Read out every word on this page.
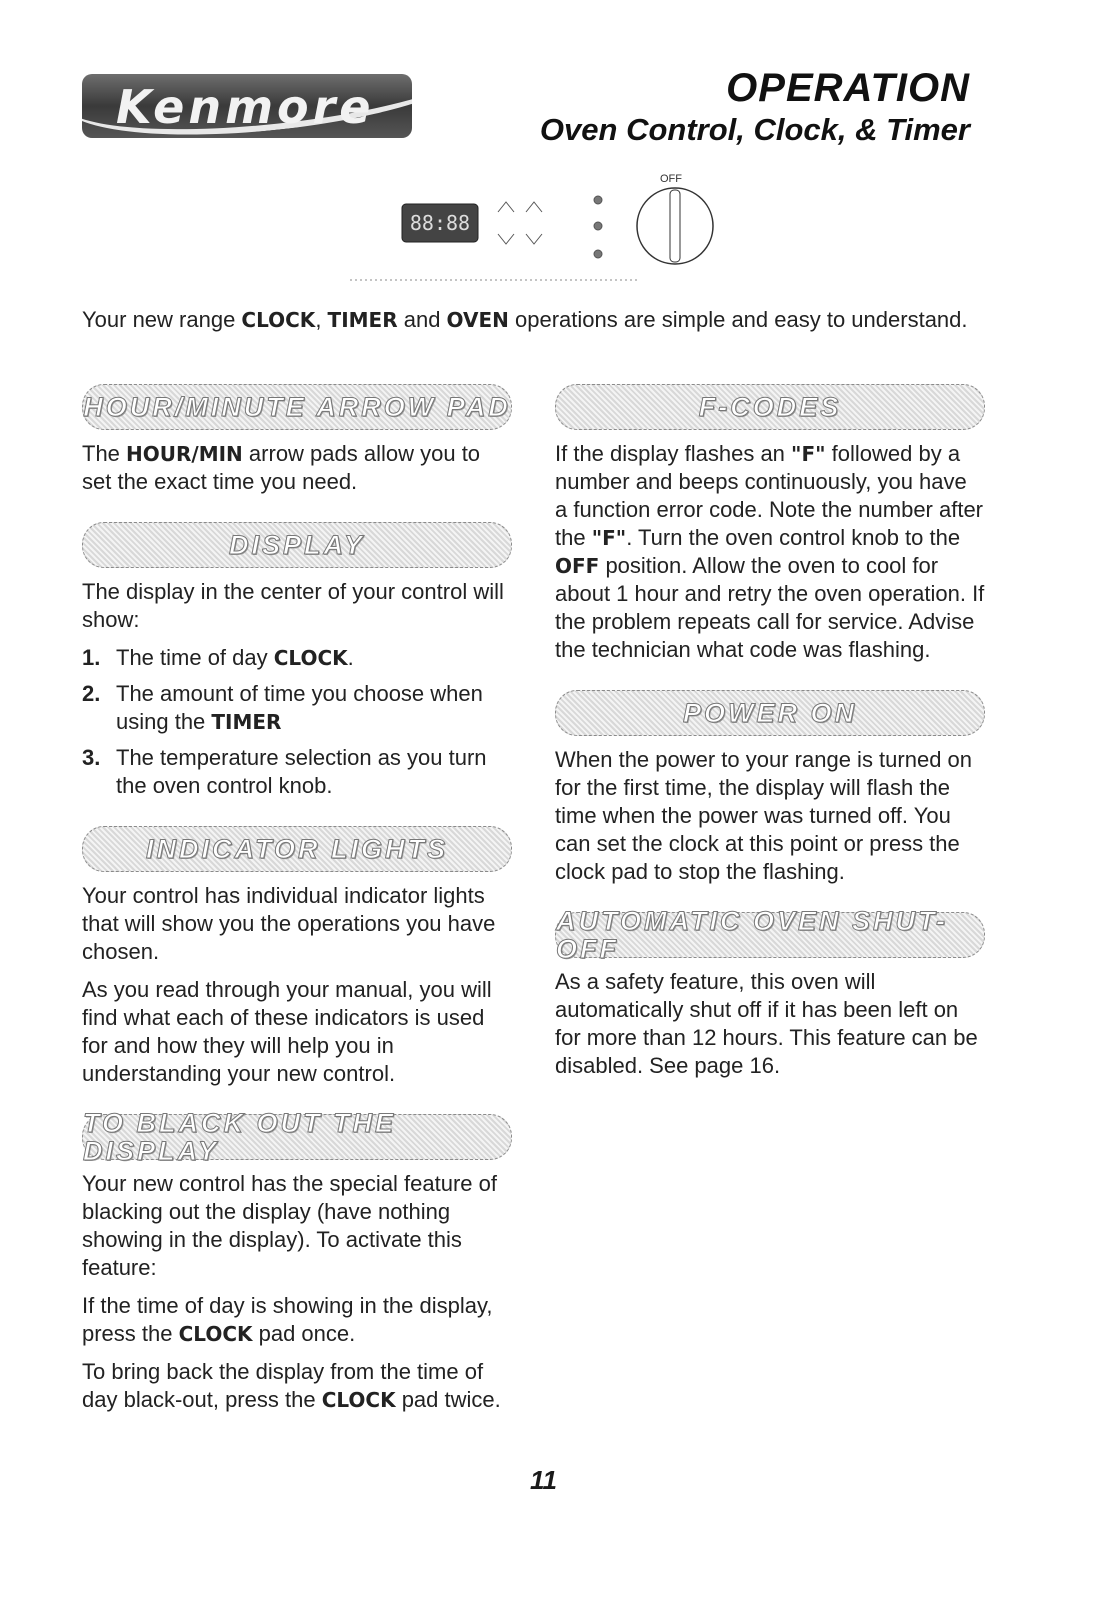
Kenmore	OPERATION
Oven Control, Clock, & Timer
88:88
OFF
Your new range CLOCK, TIMER and OVEN operations are simple and easy to understand.
HOUR/MINUTE ARROW PAD

The HOUR/MIN arrow pads allow you to set the exact time you need.

DISPLAY

The display in the center of your control will show:

1. The time of day CLOCK.
2. The amount of time you choose when using the TIMER
3. The temperature selection as you turn the oven control knob.
INDICATOR LIGHTS

Your control has individual indicator lights that will show you the operations you have chosen.

As you read through your manual, you will find what each of these indicators is used for and how they will help you in understanding your new control.

TO BLACK OUT THE DISPLAY

Your new control has the special feature of blacking out the display (have nothing showing in the display). To activate this feature:

If the time of day is showing in the display, press the CLOCK pad once.

To bring back the display from the time of day black-out, press the CLOCK pad twice.

F-CODES

If the display flashes an "F" followed by a number and beeps continuously, you have a function error code. Note the number after the "F". Turn the oven control knob to the OFF position. Allow the oven to cool for about 1 hour and retry the oven operation. If the problem repeats call for service. Advise the technician what code was flashing.

POWER ON

When the power to your range is turned on for the first time, the display will flash the time when the power was turned off. You can set the clock at this point or press the clock pad to stop the flashing.

AUTOMATIC OVEN SHUT-OFF

As a safety feature, this oven will automatically shut off if it has been left on for more than 12 hours. This feature can be disabled. See page 16.

11
